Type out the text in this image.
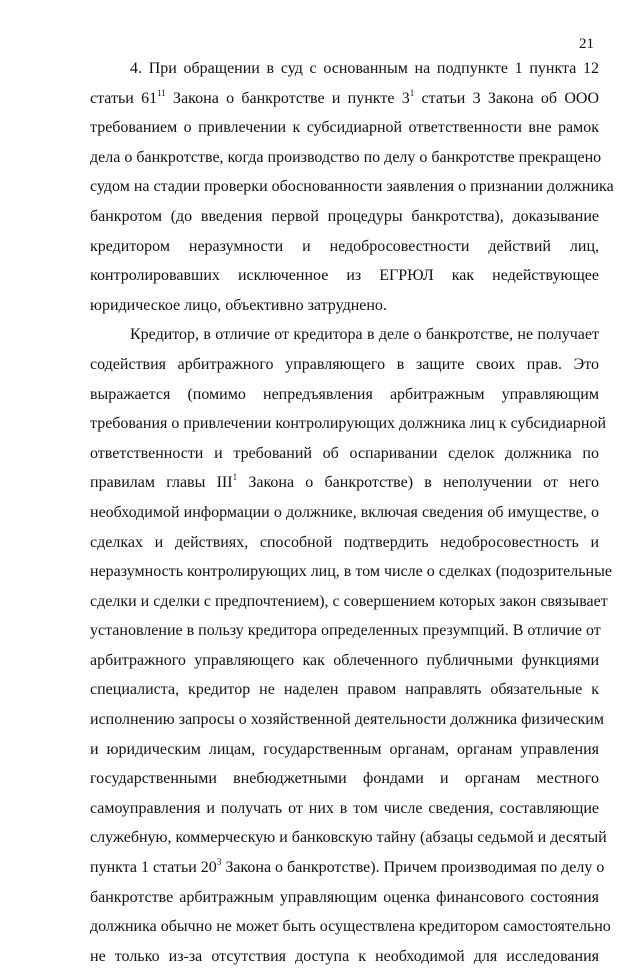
21
4. При обращении в суд с основанным на подпункте 1 пункта 12
статьи $61^{11}$ Закона о банкротстве и пункте $3^1$ статьи 3 Закона об ООО
требованием о привлечении к субсидиарной ответственности вне рамок
дела о банкротстве, когда производство по делу о банкротстве прекращено
судом на стадии проверки обоснованности заявления о признании должника
банкротом (до введения первой процедуры банкротства), доказывание
кредитором неразумности и недобросовестности действий лиц,
контролировавших исключенное из ЕГРЮЛ как недействующее
юридическое лицо, объективно затруднено.
Кредитор, в отличие от кредитора в деле о банкротстве, не получает
содействия арбитражного управляющего в защите своих прав. Это
выражается (помимо непредъявления арбитражным управляющим
требования о привлечении контролирующих должника лиц к субсидиарной
ответственности и требований об оспаривании сделок должника по
правилам главы III$^1$ Закона о банкротстве) в неполучении от него
необходимой информации о должнике, включая сведения об имуществе, о
сделках и действиях, способной подтвердить недобросовестность и
неразумность контролирующих лиц, в том числе о сделках (подозрительные
сделки и сделки с предпочтением), с совершением которых закон связывает
установление в пользу кредитора определенных презумпций. В отличие от
арбитражного управляющего как облеченного публичными функциями
специалиста, кредитор не наделен правом направлять обязательные к
исполнению запросы о хозяйственной деятельности должника физическим
и юридическим лицам, государственным органам, органам управления
государственными внебюджетными фондами и органам местного
самоуправления и получать от них в том числе сведения, составляющие
служебную, коммерческую и банковскую тайну (абзацы седьмой и десятый
пункта 1 статьи $20^3$ Закона о банкротстве). Причем производимая по делу о
банкротстве арбитражным управляющим оценка финансового состояния
должника обычно не может быть осуществлена кредитором самостоятельно
не только из-за отсутствия доступа к необходимой для исследования
